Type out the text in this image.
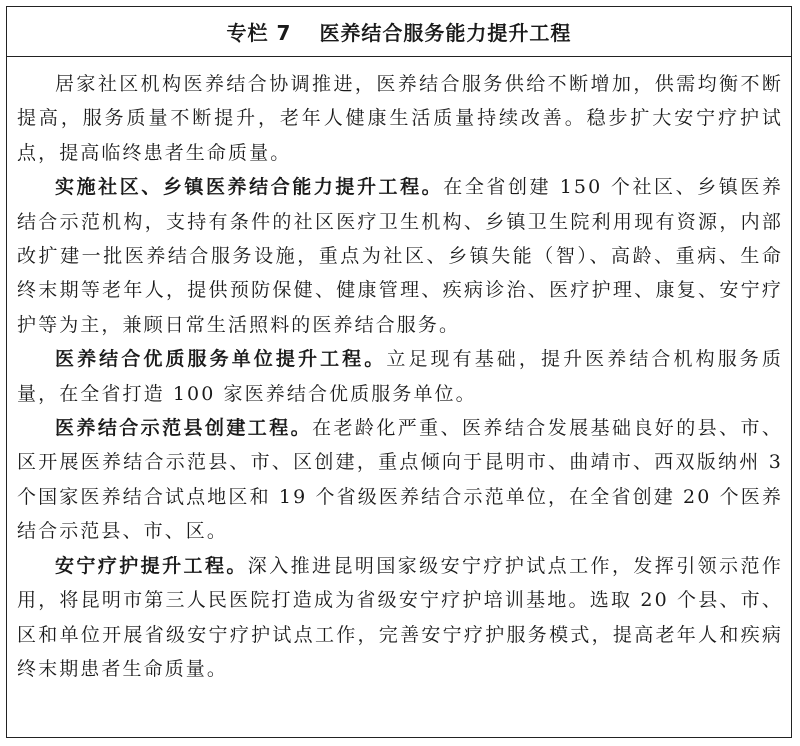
专栏 7 医养结合服务能力提升工程

居家社区机构医养结合协调推进，医养结合服务供给不断增加，供需均衡不断提高，服务质量不断提升，老年人健康生活质量持续改善。稳步扩大安宁疗护试点，提高临终患者生命质量。

实施社区、乡镇医养结合能力提升工程。在全省创建 150 个社区、乡镇医养结合示范机构，支持有条件的社区医疗卫生机构、乡镇卫生院利用现有资源，内部改扩建一批医养结合服务设施，重点为社区、乡镇失能（智）、高龄、重病、生命终末期等老年人，提供预防保健、健康管理、疾病诊治、医疗护理、康复、安宁疗护等为主，兼顾日常生活照料的医养结合服务。

医养结合优质服务单位提升工程。立足现有基础，提升医养结合机构服务质量，在全省打造 100 家医养结合优质服务单位。

医养结合示范县创建工程。在老龄化严重、医养结合发展基础良好的县、市、区开展医养结合示范县、市、区创建，重点倾向于昆明市、曲靖市、西双版纳州 3 个国家医养结合试点地区和 19 个省级医养结合示范单位，在全省创建 20 个医养结合示范县、市、区。

安宁疗护提升工程。深入推进昆明国家级安宁疗护试点工作，发挥引领示范作用，将昆明市第三人民医院打造成为省级安宁疗护培训基地。选取 20 个县、市、区和单位开展省级安宁疗护试点工作，完善安宁疗护服务模式，提高老年人和疾病终末期患者生命质量。
